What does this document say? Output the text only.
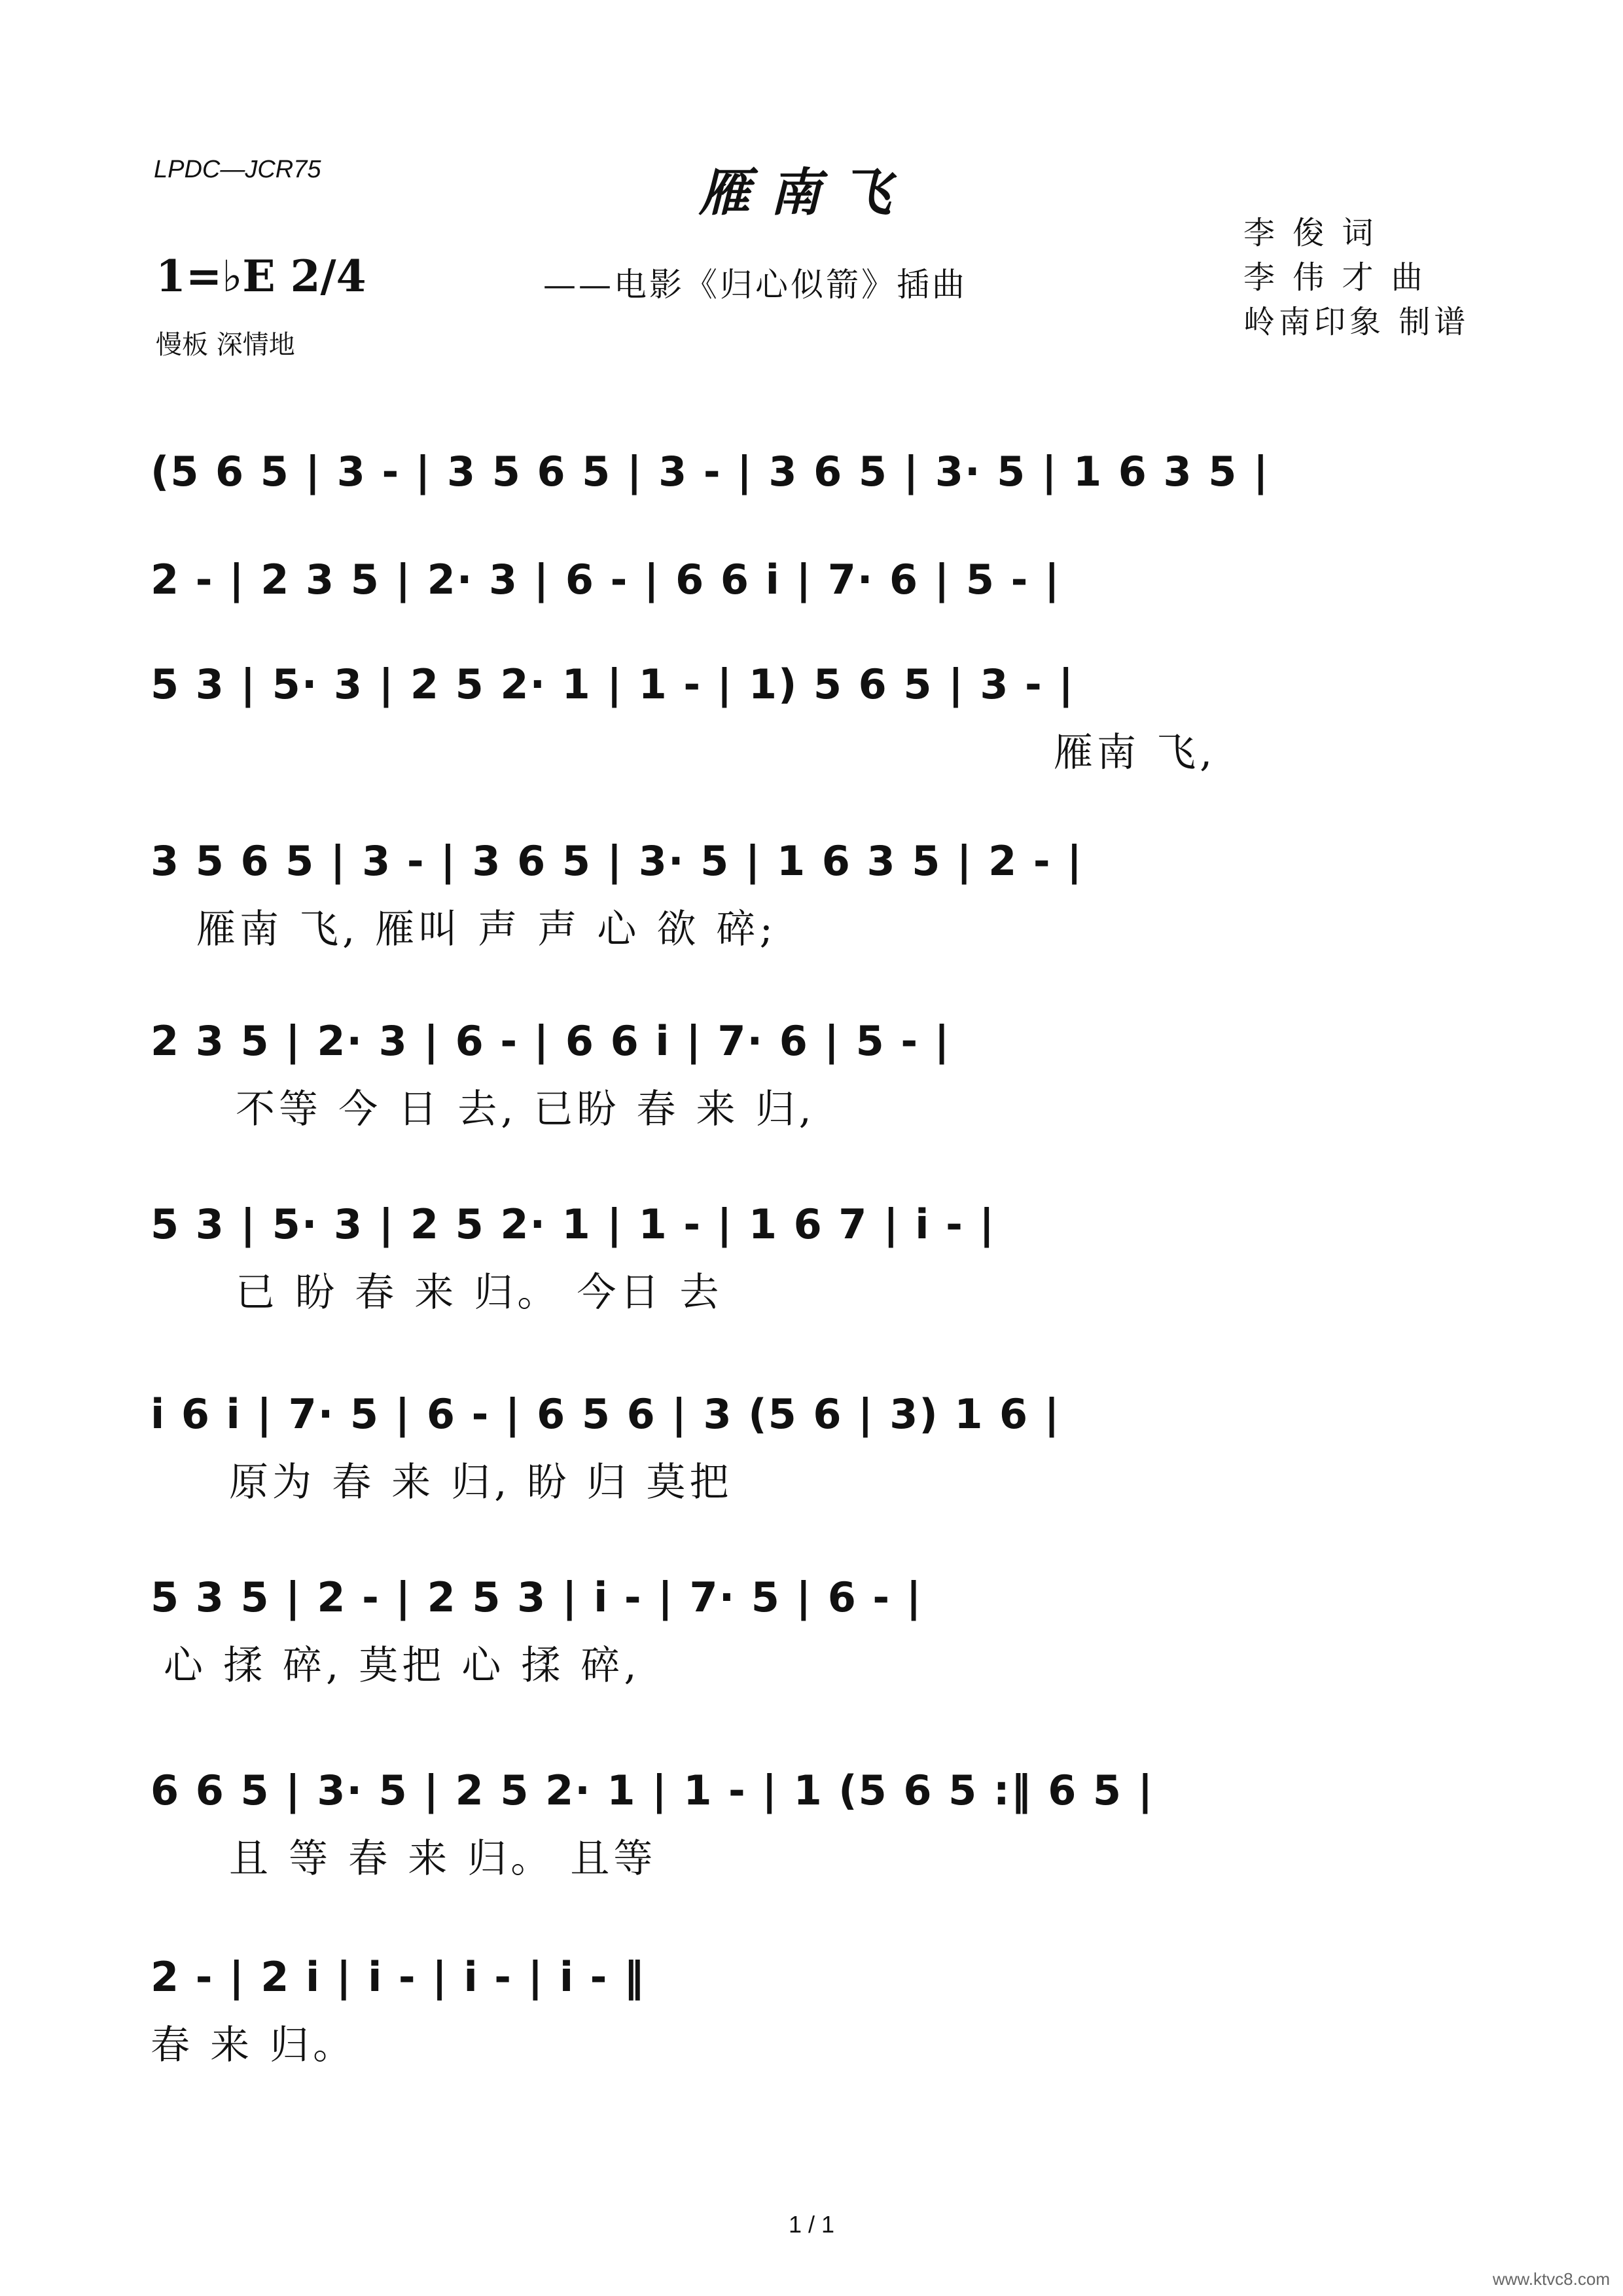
LPDC—JCR75	雁南飞
——电影《归心似箭》插曲
李 俊 词
李 伟 才 曲
岭南印象 制谱
1=♭E 2/4
慢板 深情地
(5 6 5 | 3 - | 3 5 6 5 | 3 - | 3 6 5 | 3· 5 | 1 6 3 5 |
2 - | 2 3 5 | 2· 3 | 6 - | 6 6 i | 7· 6 | 5 - |
5 3 | 5· 3 | 2 5 2· 1 | 1 - | 1) 5 6 5 | 3 - |
雁南 飞,
3 5 6 5 | 3 - | 3 6 5 | 3· 5 | 1 6 3 5 | 2 - |
雁南 飞, 雁叫 声 声 心 欲 碎;
2 3 5 | 2· 3 | 6 - | 6 6 i | 7· 6 | 5 - |
不等 今 日 去, 已盼 春 来 归,
5 3 | 5· 3 | 2 5 2· 1 | 1 - | 1 6 7 | i - |
已 盼 春 来 归。 今日 去
i 6 i | 7· 5 | 6 - | 6 5 6 | 3 (5 6 | 3) 1 6 |
原为 春 来 归, 盼 归 莫把
5 3 5 | 2 - | 2 5 3 | i - | 7· 5 | 6 - |
心 揉 碎, 莫把 心 揉 碎,
6 6 5 | 3· 5 | 2 5 2· 1 | 1 - | 1 (5 6 5 :‖ 6 5 |
且 等 春 来 归。 且等
2 - | 2 i | i - | i - | i - ‖
春 来 归。
1 / 1
www.ktvc8.com
